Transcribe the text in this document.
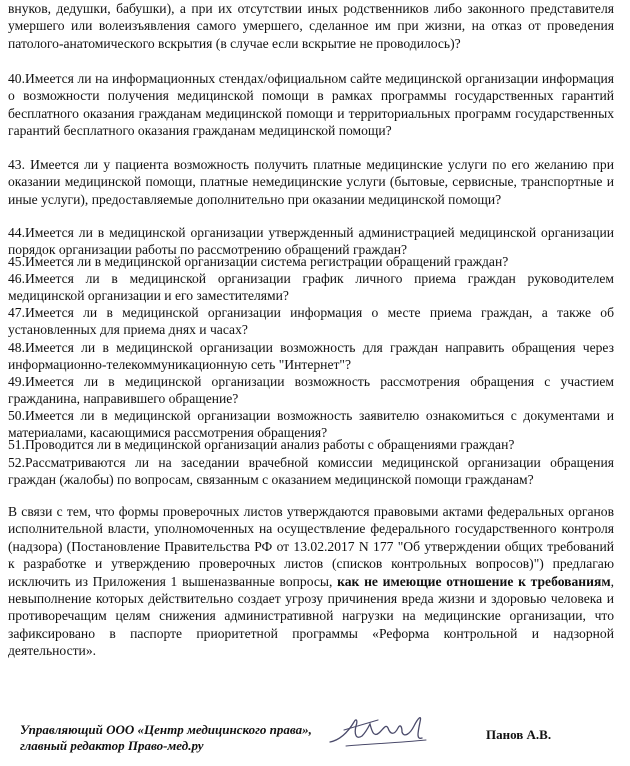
внуков, дедушки, бабушки), а при их отсутствии иных родственников либо законного представителя умершего или волеизъявления самого умершего, сделанное им при жизни, на отказ от проведения патолого-анатомического вскрытия (в случае если вскрытие не проводилось)?

40.Имеется ли на информационных стендах/официальном сайте медицинской организации информация о возможности получения медицинской помощи в рамках программы государственных гарантий бесплатного оказания гражданам медицинской помощи и территориальных программ государственных гарантий бесплатного оказания гражданам медицинской помощи?

43. Имеется ли у пациента возможность получить платные медицинские услуги по его желанию при оказании медицинской помощи, платные немедицинские услуги (бытовые, сервисные, транспортные и иные услуги), предоставляемые дополнительно при оказании медицинской помощи?

44.Имеется ли в медицинской организации утвержденный администрацией медицинской организации порядок организации работы по рассмотрению обращений граждан?

45.Имеется ли в медицинской организации система регистрации обращений граждан?

46.Имеется ли в медицинской организации график личного приема граждан руководителем медицинской организации и его заместителями?

47.Имеется ли в медицинской организации информация о месте приема граждан, а также об установленных для приема днях и часах?

48.Имеется ли в медицинской организации возможность для граждан направить обращения через информационно-телекоммуникационную сеть "Интернет"?

49.Имеется ли в медицинской организации возможность рассмотрения обращения с участием гражданина, направившего обращение?

50.Имеется ли в медицинской организации возможность заявителю ознакомиться с документами и материалами, касающимися рассмотрения обращения?

51.Проводится ли в медицинской организации анализ работы с обращениями граждан?

52.Рассматриваются ли на заседании врачебной комиссии медицинской организации обращения граждан (жалобы) по вопросам, связанным с оказанием медицинской помощи гражданам?

В связи с тем, что формы проверочных листов утверждаются правовыми актами федеральных органов исполнительной власти, уполномоченных на осуществление федерального государственного контроля (надзора) (Постановление Правительства РФ от 13.02.2017 N 177 "Об утверждении общих требований к разработке и утверждению проверочных листов (списков контрольных вопросов)") предлагаю исключить из Приложения 1 вышеназванные вопросы, как не имеющие отношение к требованиям, невыполнение которых действительно создает угрозу причинения вреда жизни и здоровью человека и противоречащим целям снижения административной нагрузки на медицинские организации, что зафиксировано в паспорте приоритетной программы «Реформа контрольной и надзорной деятельности».

Управляющий ООО «Центр медицинского права», главный редактор Право-мед.ру
Панов А.В.
